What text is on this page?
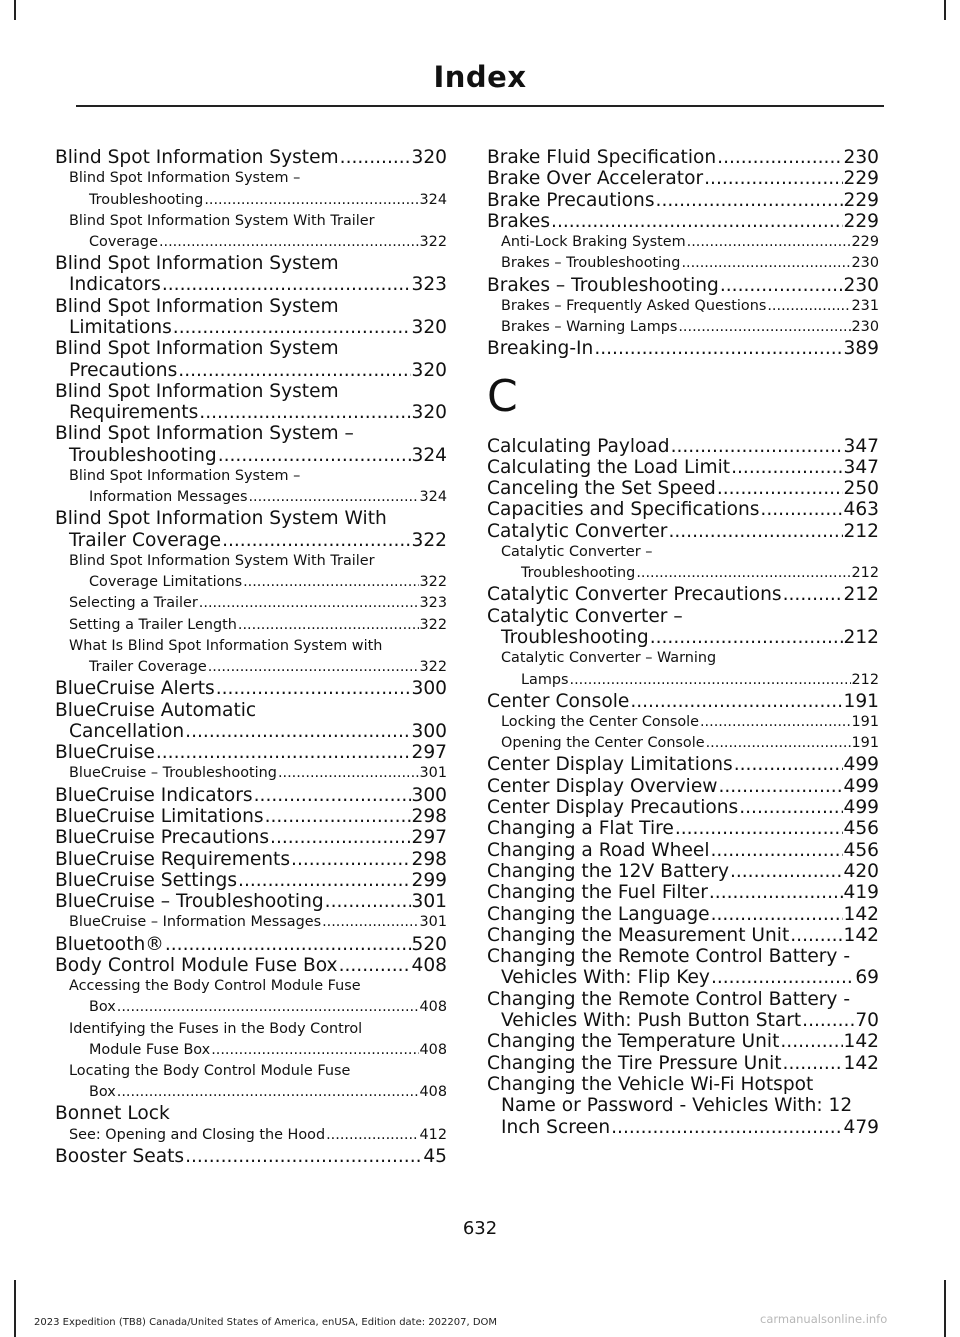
Index
Blind Spot Information System .....	320
Blind Spot Information System –
Troubleshooting .....	324
Blind Spot Information System With Trailer
Coverage .....	322
Blind Spot Information System
Indicators .....	323
Blind Spot Information System
Limitations .....	320
Blind Spot Information System
Precautions .....	320
Blind Spot Information System
Requirements .....	320
Blind Spot Information System –
Troubleshooting .....	324
Blind Spot Information System –
Information Messages .....	324
Blind Spot Information System With
Trailer Coverage .....	322
Blind Spot Information System With Trailer
Coverage Limitations .....	322
Selecting a Trailer .....	323
Setting a Trailer Length .....	322
What Is Blind Spot Information System with
Trailer Coverage .....	322
BlueCruise Alerts .....	300
BlueCruise Automatic
Cancellation .....	300
BlueCruise .....	297
BlueCruise – Troubleshooting .....	301
BlueCruise Indicators .....	300
BlueCruise Limitations .....	298
BlueCruise Precautions .....	297
BlueCruise Requirements .....	298
BlueCruise Settings .....	299
BlueCruise – Troubleshooting .....	301
BlueCruise – Information Messages .....	301
Bluetooth® .....	520
Body Control Module Fuse Box .....	408
Accessing the Body Control Module Fuse
Box .....	408
Identifying the Fuses in the Body Control
Module Fuse Box .....	408
Locating the Body Control Module Fuse
Box .....	408
Bonnet Lock
See: Opening and Closing the Hood .....	412
Booster Seats .....	45
Brake Fluid Specification .....	230
Brake Over Accelerator .....	229
Brake Precautions .....	229
Brakes .....	229
Anti-Lock Braking System .....	229
Brakes – Troubleshooting .....	230
Brakes – Troubleshooting .....	230
Brakes – Frequently Asked Questions .....	231
Brakes – Warning Lamps .....	230
Breaking-In .....	389
C
Calculating Payload .....	347
Calculating the Load Limit .....	347
Canceling the Set Speed .....	250
Capacities and Specifications .....	463
Catalytic Converter .....	212
Catalytic Converter –
Troubleshooting .....	212
Catalytic Converter Precautions .....	212
Catalytic Converter –
Troubleshooting .....	212
Catalytic Converter – Warning
Lamps .....	212
Center Console .....	191
Locking the Center Console .....	191
Opening the Center Console .....	191
Center Display Limitations .....	499
Center Display Overview .....	499
Center Display Precautions .....	499
Changing a Flat Tire .....	456
Changing a Road Wheel .....	456
Changing the 12V Battery .....	420
Changing the Fuel Filter .....	419
Changing the Language .....	142
Changing the Measurement Unit .....	142
Changing the Remote Control Battery -
Vehicles With: Flip Key .....	69
Changing the Remote Control Battery -
Vehicles With: Push Button Start .....	70
Changing the Temperature Unit .....	142
Changing the Tire Pressure Unit .....	142
Changing the Vehicle Wi-Fi Hotspot
Name or Password - Vehicles With: 12
Inch Screen .....	479
632
2023 Expedition (TB8) Canada/United States of America, enUSA, Edition date: 202207, DOM	carmanualsonline.info
